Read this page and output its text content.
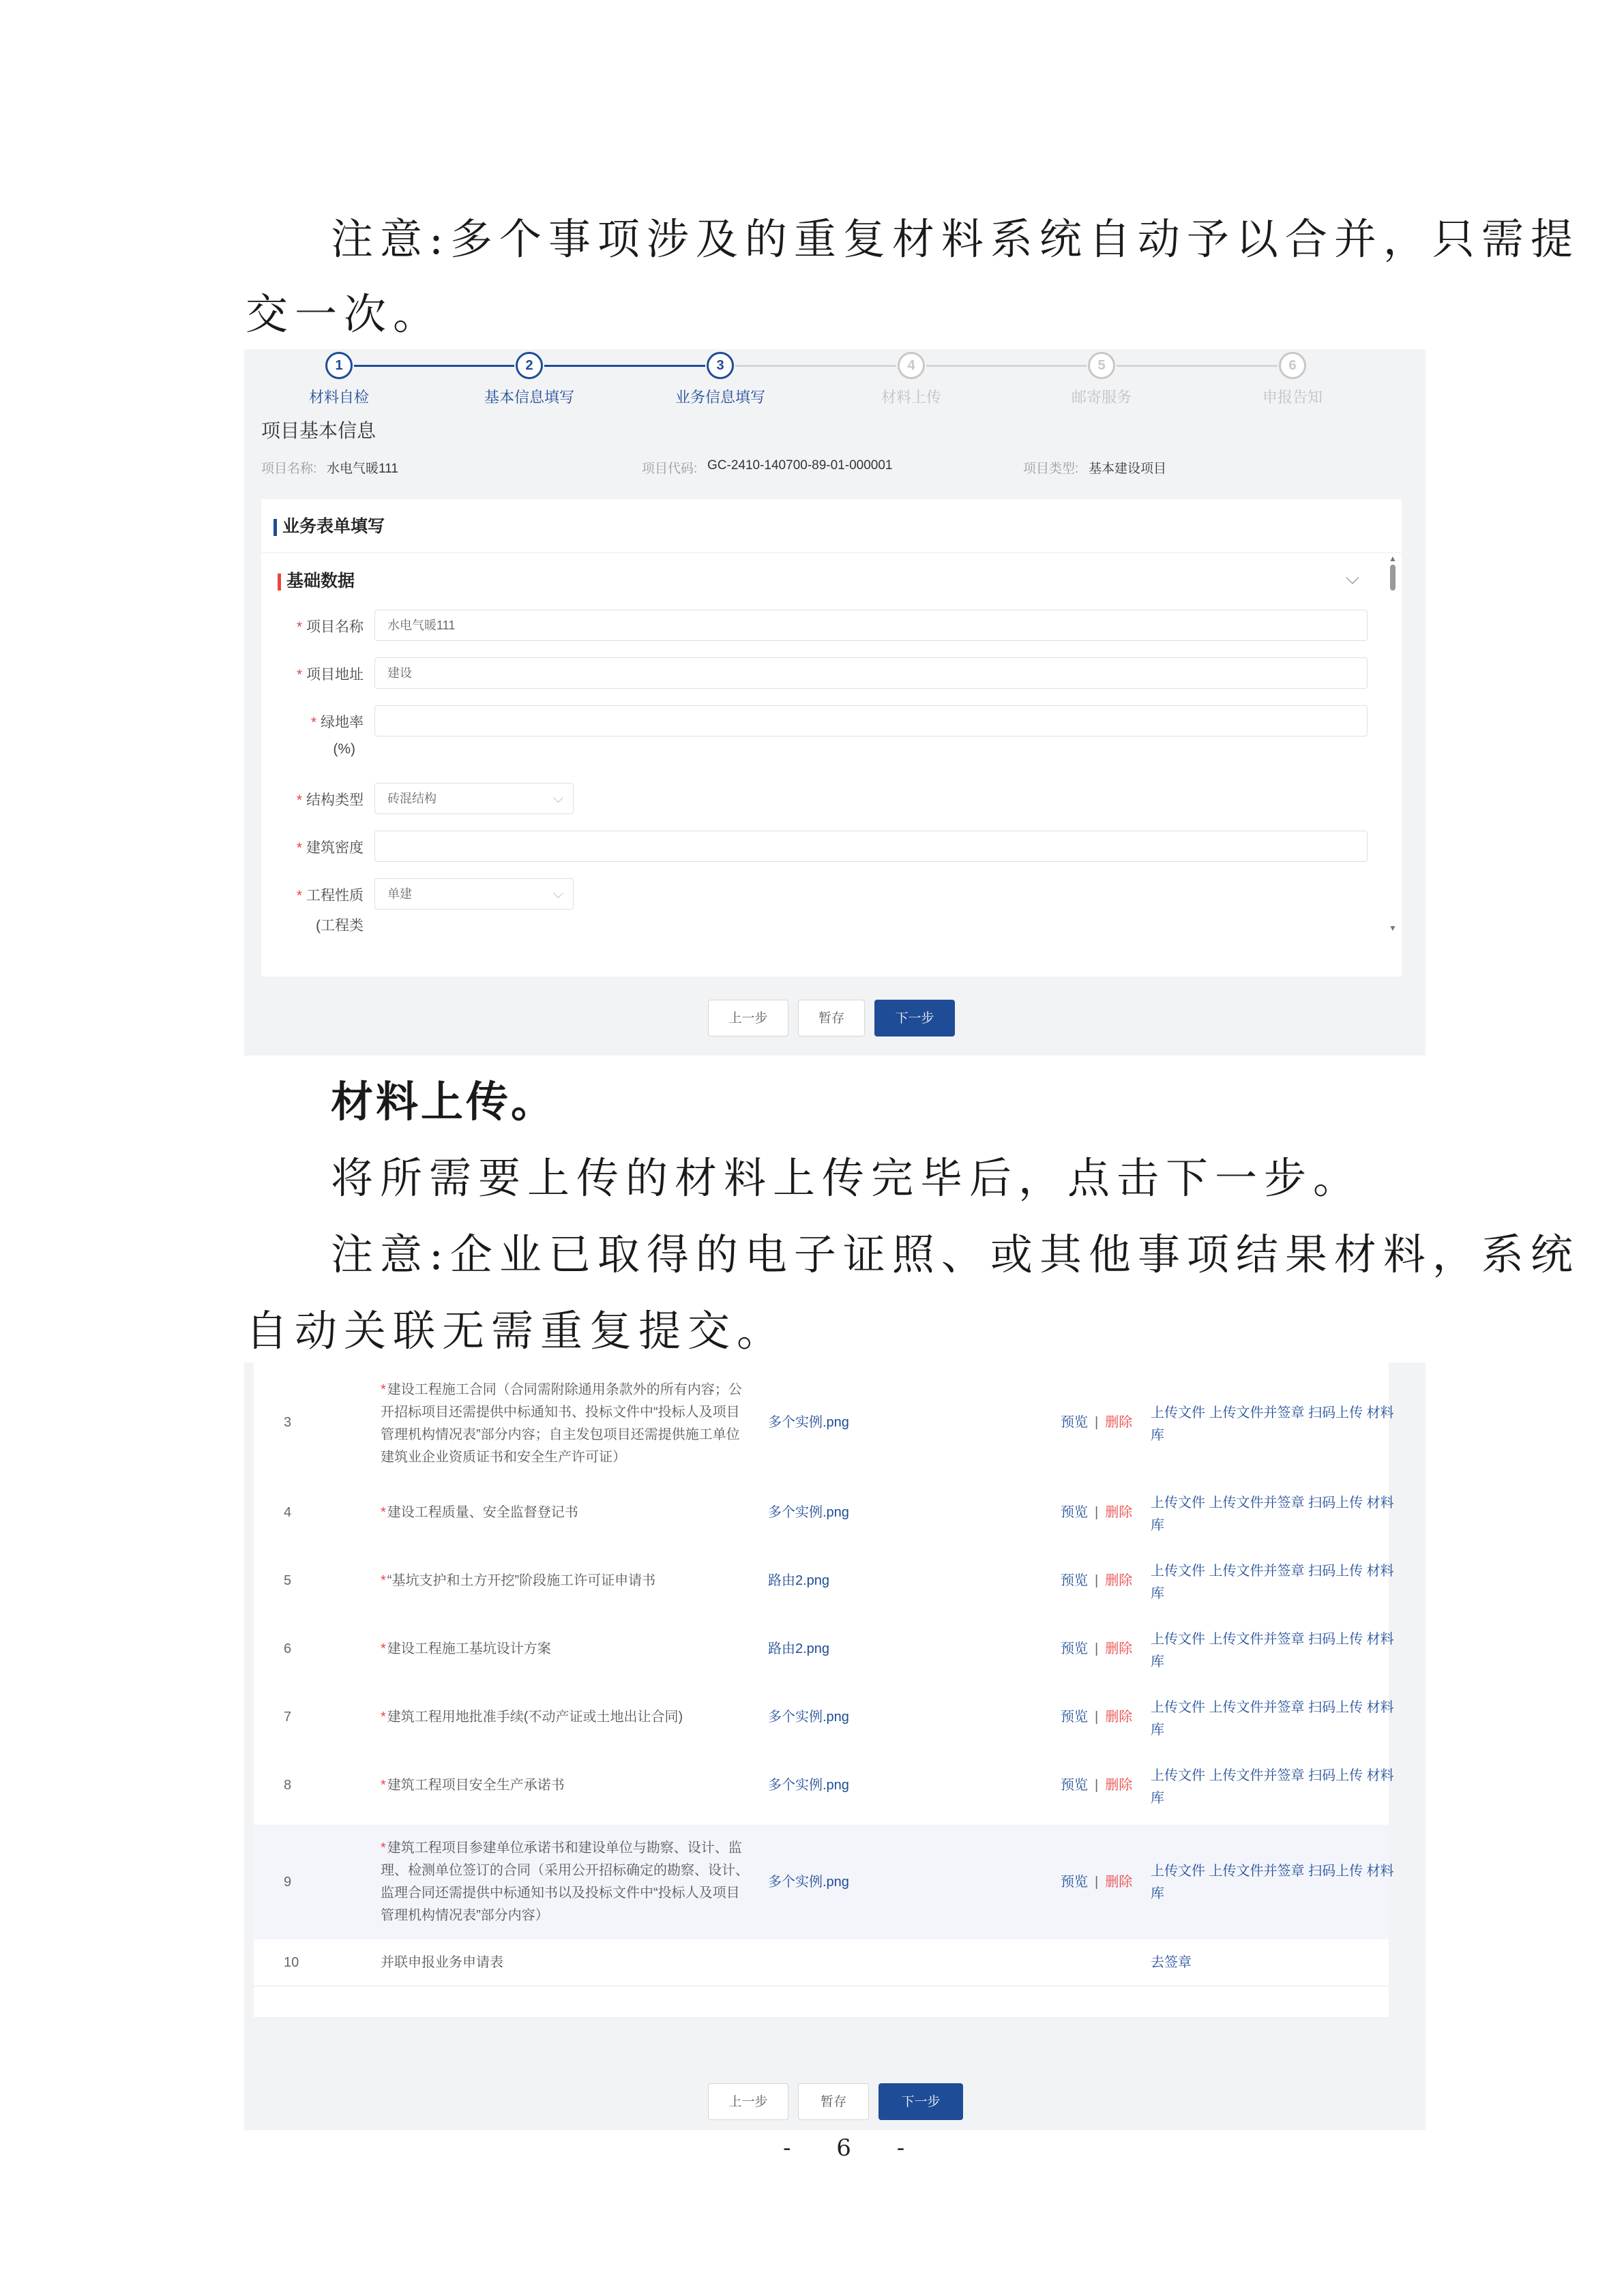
注意:多个事项涉及的重复材料系统自动予以合并，只需提

交一次。

1
材料自检
2
基本信息填写
3
业务信息填写
4
材料上传
5
邮寄服务
6
申报告知
项目基本信息
项目名称: 水电气暖111	项目代码: GC-2410-140700-89-01-000001	项目类型: 基本建设项目
业务表单填写
基础数据	⌵
▲
▼
* 项目名称	水电气暖111
* 项目地址	建设
* 绿地率
(%)
* 结构类型	砖混结构	⌵
* 建筑密度
* 工程性质
(工程类
单建	⌵
上一步	暂存	下一步

材料上传。

将所需要上传的材料上传完毕后，点击下一步。

注意:企业已取得的电子证照、或其他事项结果材料，系统

自动关联无需重复提交。

3
* 建设工程施工合同（合同需附除通用条款外的所有内容；公开招标项目还需提供中标通知书、投标文件中“投标人及项目管理机构情况表”部分内容；自主发包项目还需提供施工单位建筑业企业资质证书和安全生产许可证）
多个实例.png	预览 | 删除
上传文件 上传文件并签章 扫码上传 材料库
4	* 建设工程质量、安全监督登记书	多个实例.png	预览 | 删除
上传文件 上传文件并签章 扫码上传 材料库
5	* “基坑支护和土方开挖”阶段施工许可证申请书	路由2.png	预览 | 删除
上传文件 上传文件并签章 扫码上传 材料库
6	* 建设工程施工基坑设计方案	路由2.png	预览 | 删除
上传文件 上传文件并签章 扫码上传 材料库
7	* 建筑工程用地批准手续(不动产证或土地出让合同)	多个实例.png	预览 | 删除
上传文件 上传文件并签章 扫码上传 材料库
8	* 建筑工程项目安全生产承诺书	多个实例.png	预览 | 删除
上传文件 上传文件并签章 扫码上传 材料库
9
* 建筑工程项目参建单位承诺书和建设单位与勘察、设计、监理、检测单位签订的合同（采用公开招标确定的勘察、设计、监理合同还需提供中标通知书以及投标文件中“投标人及项目管理机构情况表”部分内容）
多个实例.png	预览 | 删除
上传文件 上传文件并签章 扫码上传 材料库
10	并联申报业务申请表	去签章
上一步	暂存	下一步
- 6 -
